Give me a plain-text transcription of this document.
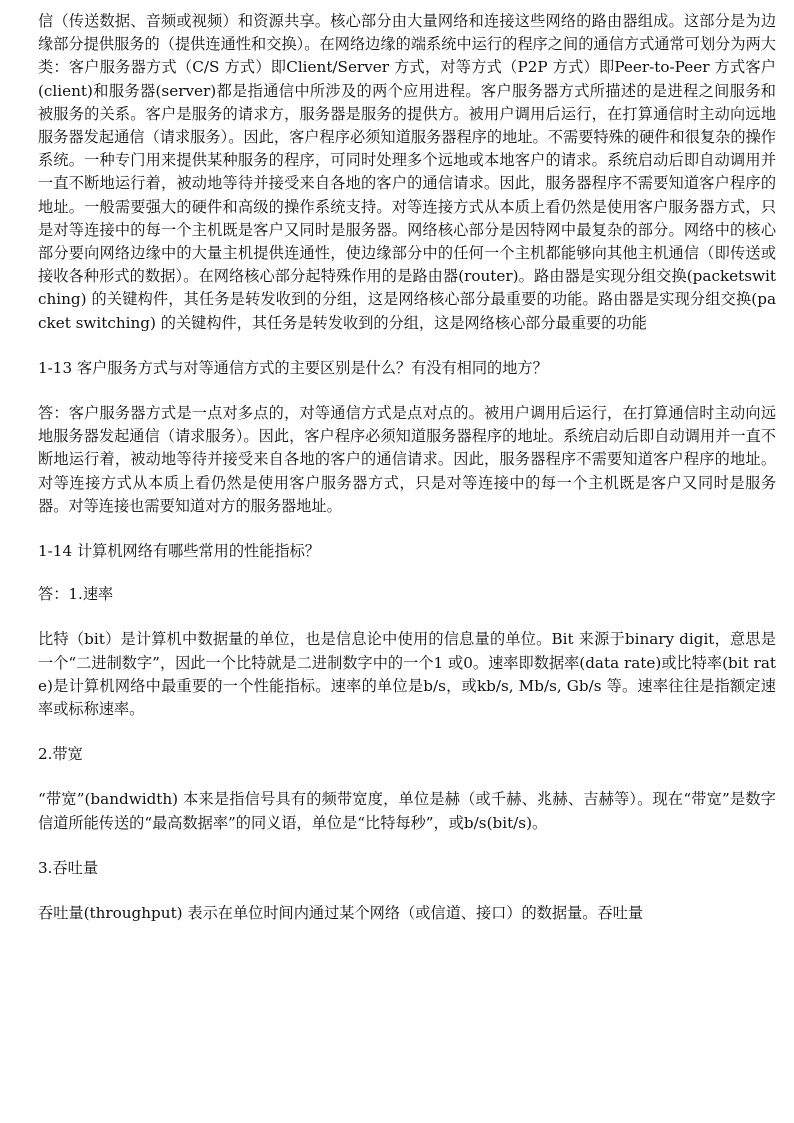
信（传送数据、音频或视频）和资源共享。核心部分由大量网络和连接这些网络的路由器组成。这部分是为边缘部分提供服务的（提供连通性和交换）。在网络边缘的端系统中运行的程序之间的通信方式通常可划分为两大类：客户服务器方式（C/S 方式）即Client/Server 方式，对等方式（P2P 方式）即Peer-to-Peer 方式客户(client)和服务器(server)都是指通信中所涉及的两个应用进程。客户服务器方式所描述的是进程之间服务和被服务的关系。客户是服务的请求方，服务器是服务的提供方。被用户调用后运行，在打算通信时主动向远地服务器发起通信（请求服务）。因此，客户程序必须知道服务器程序的地址。不需要特殊的硬件和很复杂的操作系统。一种专门用来提供某种服务的程序，可同时处理多个远地或本地客户的请求。系统启动后即自动调用并一直不断地运行着，被动地等待并接受来自各地的客户的通信请求。因此，服务器程序不需要知道客户程序的地址。一般需要强大的硬件和高级的操作系统支持。对等连接方式从本质上看仍然是使用客户服务器方式，只是对等连接中的每一个主机既是客户又同时是服务器。网络核心部分是因特网中最复杂的部分。网络中的核心部分要向网络边缘中的大量主机提供连通性，使边缘部分中的任何一个主机都能够向其他主机通信（即传送或接收各种形式的数据）。在网络核心部分起特殊作用的是路由器(router)。路由器是实现分组交换(packetswitching) 的关键构件，其任务是转发收到的分组，这是网络核心部分最重要的功能。路由器是实现分组交换(packet switching) 的关键构件，其任务是转发收到的分组，这是网络核心部分最重要的功能

1-13 客户服务方式与对等通信方式的主要区别是什么？有没有相同的地方？

答：客户服务器方式是一点对多点的，对等通信方式是点对点的。被用户调用后运行，在打算通信时主动向远地服务器发起通信（请求服务）。因此，客户程序必须知道服务器程序的地址。系统启动后即自动调用并一直不断地运行着，被动地等待并接受来自各地的客户的通信请求。因此，服务器程序不需要知道客户程序的地址。对等连接方式从本质上看仍然是使用客户服务器方式，只是对等连接中的每一个主机既是客户又同时是服务器。对等连接也需要知道对方的服务器地址。

1-14 计算机网络有哪些常用的性能指标？

答：1.速率

比特（bit）是计算机中数据量的单位，也是信息论中使用的信息量的单位。Bit 来源于binary digit，意思是一个“二进制数字”，因此一个比特就是二进制数字中的一个1 或0。速率即数据率(data rate)或比特率(bit rate)是计算机网络中最重要的一个性能指标。速率的单位是b/s，或kb/s, Mb/s, Gb/s 等。速率往往是指额定速率或标称速率。

2.带宽

“带宽”(bandwidth) 本来是指信号具有的频带宽度，单位是赫（或千赫、兆赫、吉赫等）。现在“带宽”是数字信道所能传送的“最高数据率”的同义语，单位是“比特每秒”，或b/s(bit/s)。

3.吞吐量

吞吐量(throughput) 表示在单位时间内通过某个网络（或信道、接口）的数据量。吞吐量
